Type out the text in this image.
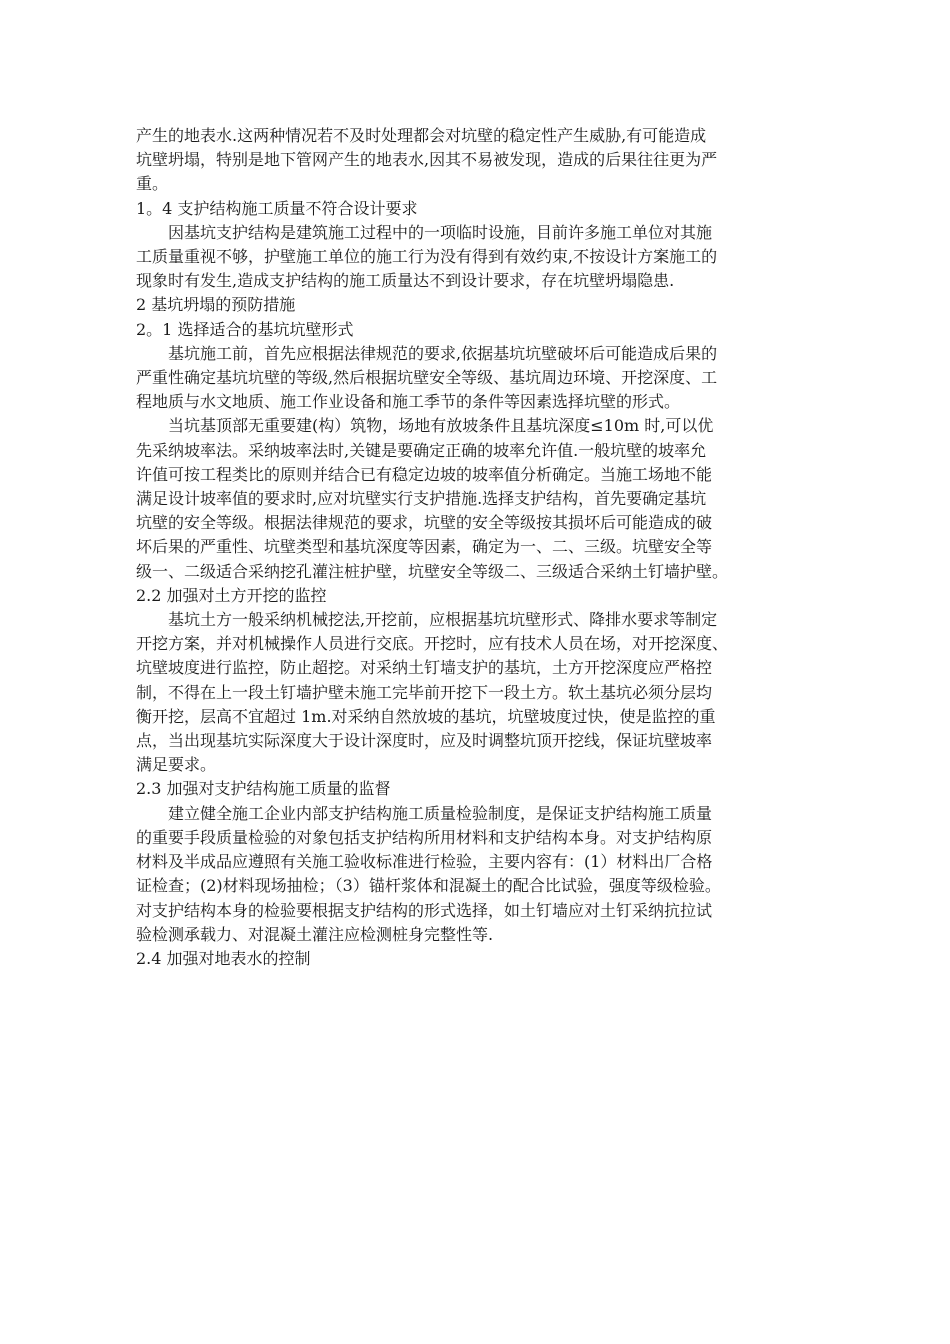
产生的地表水.这两种情况若不及时处理都会对坑壁的稳定性产生威胁,有可能造成
坑壁坍塌，特别是地下管网产生的地表水,因其不易被发现，造成的后果往往更为严
重。

1。4 支护结构施工质量不符合设计要求

因基坑支护结构是建筑施工过程中的一项临时设施，目前许多施工单位对其施
工质量重视不够，护壁施工单位的施工行为没有得到有效约束,不按设计方案施工的
现象时有发生,造成支护结构的施工质量达不到设计要求，存在坑壁坍塌隐患.

2 基坑坍塌的预防措施
2。1 选择适合的基坑坑壁形式

基坑施工前，首先应根据法律规范的要求,依据基坑坑壁破坏后可能造成后果的
严重性确定基坑坑壁的等级,然后根据坑壁安全等级、基坑周边环境、开挖深度、工
程地质与水文地质、施工作业设备和施工季节的条件等因素选择坑壁的形式。

当坑基顶部无重要建(构）筑物，场地有放坡条件且基坑深度≤10m 时,可以优
先采纳坡率法。采纳坡率法时,关键是要确定正确的坡率允许值.一般坑壁的坡率允
许值可按工程类比的原则并结合已有稳定边坡的坡率值分析确定。当施工场地不能
满足设计坡率值的要求时,应对坑壁实行支护措施.选择支护结构，首先要确定基坑
坑壁的安全等级。根据法律规范的要求，坑壁的安全等级按其损坏后可能造成的破
坏后果的严重性、坑壁类型和基坑深度等因素，确定为一、二、三级。坑壁安全等
级一、二级适合采纳挖孔灌注桩护壁，坑壁安全等级二、三级适合采纳土钉墙护壁。

2.2 加强对土方开挖的监控

基坑土方一般采纳机械挖法,开挖前，应根据基坑坑壁形式、降排水要求等制定
开挖方案，并对机械操作人员进行交底。开挖时，应有技术人员在场，对开挖深度、
坑壁坡度进行监控，防止超挖。对采纳土钉墙支护的基坑，土方开挖深度应严格控
制，不得在上一段土钉墙护壁未施工完毕前开挖下一段土方。软土基坑必须分层均
衡开挖，层高不宜超过 1m.对采纳自然放坡的基坑，坑壁坡度过快，使是监控的重
点，当出现基坑实际深度大于设计深度时，应及时调整坑顶开挖线，保证坑壁坡率
满足要求。

2.3 加强对支护结构施工质量的监督

建立健全施工企业内部支护结构施工质量检验制度，是保证支护结构施工质量
的重要手段质量检验的对象包括支护结构所用材料和支护结构本身。对支护结构原
材料及半成品应遵照有关施工验收标准进行检验，主要内容有：(1）材料出厂合格
证检查；(2)材料现场抽检；（3）锚杆浆体和混凝土的配合比试验，强度等级检验。
对支护结构本身的检验要根据支护结构的形式选择，如土钉墙应对土钉采纳抗拉试
验检测承载力、对混凝土灌注应检测桩身完整性等.

2.4 加强对地表水的控制
